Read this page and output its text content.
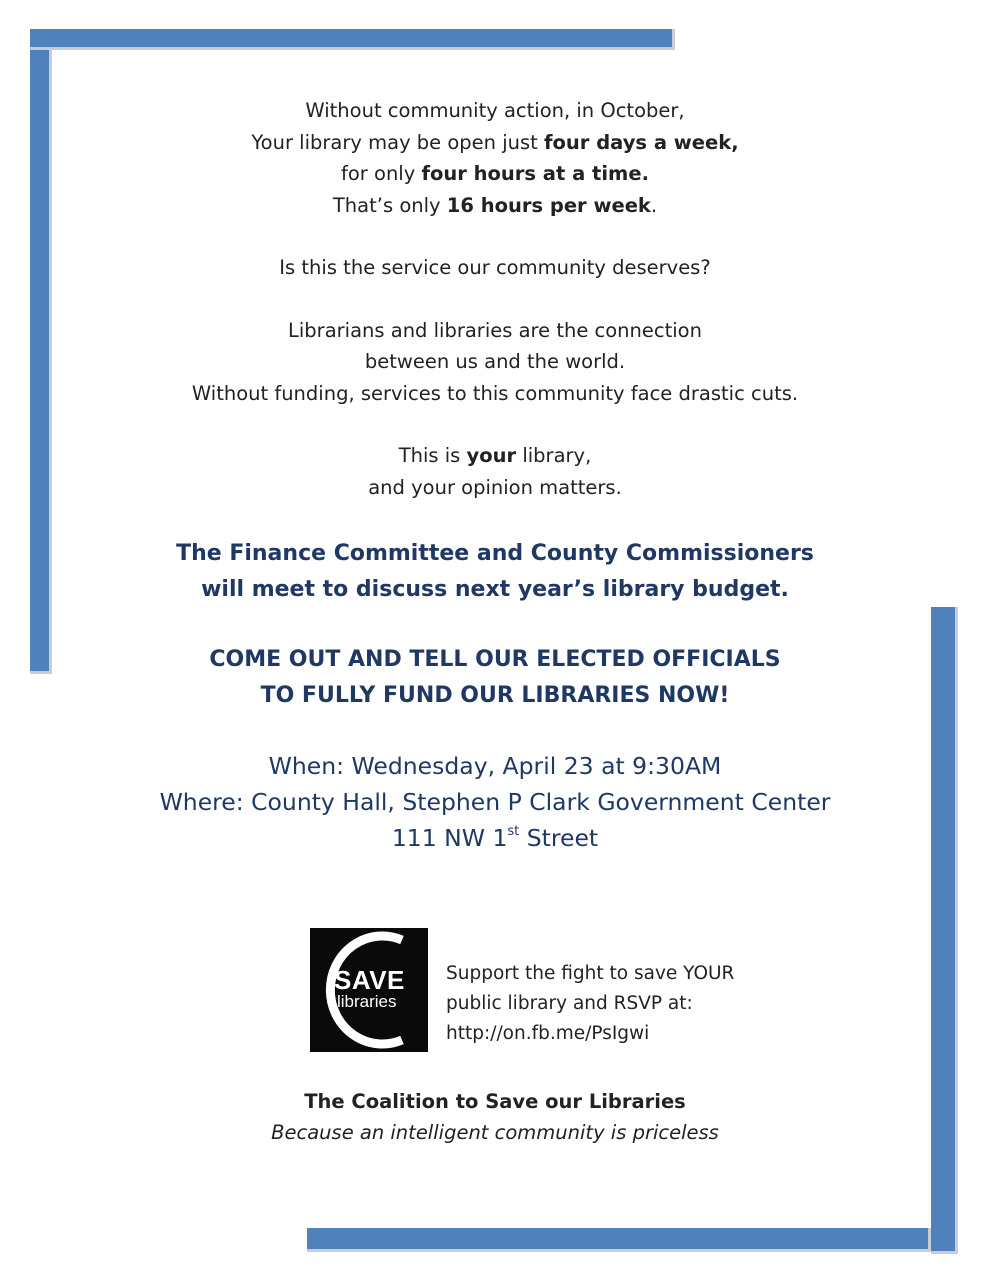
Without community action, in October,
Your library may be open just four days a week,
for only four hours at a time.
That’s only 16 hours per week.

Is this the service our community deserves?

Librarians and libraries are the connection
between us and the world.
Without funding, services to this community face drastic cuts.

This is your library,
and your opinion matters.

The Finance Committee and County Commissioners
will meet to discuss next year’s library budget.

COME OUT AND TELL OUR ELECTED OFFICIALS
TO FULLY FUND OUR LIBRARIES NOW!

When: Wednesday, April 23 at 9:30AM
Where: County Hall, Stephen P Clark Government Center
111 NW 1st Street

SAVE
libraries
Support the fight to save YOUR
public library and RSVP at:
http://on.fb.me/PsIgwi
The Coalition to Save our Libraries
Because an intelligent community is priceless
